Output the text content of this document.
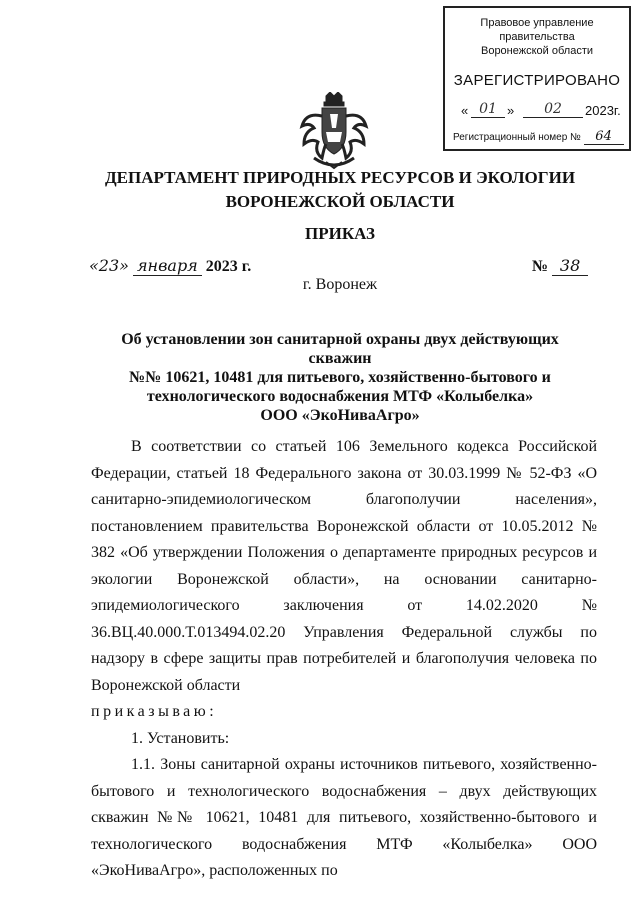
Правовое управление правительства
Воронежской области
ЗАРЕГИСТРИРОВАНО
« 01 »	02	2023г.
Регистрационный номер № 64
ДЕПАРТАМЕНТ ПРИРОДНЫХ РЕСУРСОВ И ЭКОЛОГИИ
ВОРОНЕЖСКОЙ ОБЛАСТИ
ПРИКАЗ
«23» января 2023 г.	№ 38
г. Воронеж
Об установлении зон санитарной охраны двух действующих скважин
№№ 10621, 10481 для питьевого, хозяйственно-бытового и
технологического водоснабжения МТФ «Колыбелка»
ООО «ЭкоНиваАгро»

В соответствии со статьей 106 Земельного кодекса Российской Федерации, статьей 18 Федерального закона от 30.03.1999 № 52-ФЗ «О санитарно-эпидемиологическом благополучии населения», постановлением правительства Воронежской области от 10.05.2012 № 382 «Об утверждении Положения о департаменте природных ресурсов и экологии Воронежской области», на основании санитарно-эпидемиологического заключения от 14.02.2020 № 36.ВЦ.40.000.Т.013494.02.20 Управления Федеральной службы по надзору в сфере защиты прав потребителей и благополучия человека по Воронежской области

приказываю:

1. Установить:

1.1. Зоны санитарной охраны источников питьевого, хозяйственно-бытового и технологического водоснабжения – двух действующих скважин №№ 10621, 10481 для питьевого, хозяйственно-бытового и технологического водоснабжения МТФ «Колыбелка» ООО «ЭкоНиваАгро», расположенных по
